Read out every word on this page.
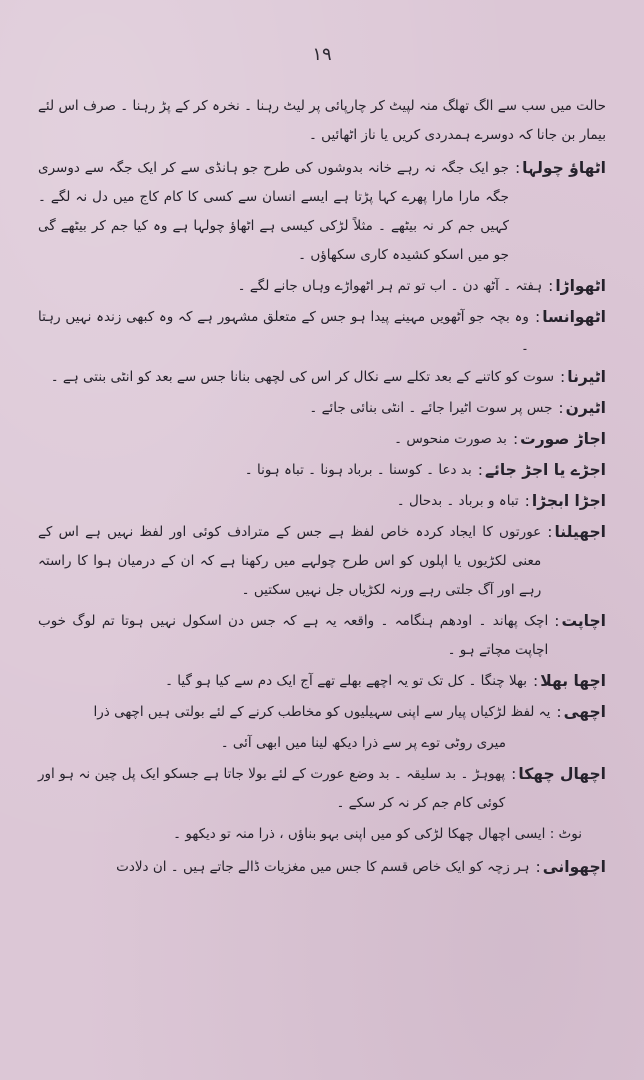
۱۹

حالت میں سب سے الگ تھلگ منہ لپیٹ کر چارپائی پر لیٹ رہنا ۔ نخرہ کر کے پڑ رہنا ۔ صرف اس لئے بیمار بن جانا کہ دوسرے ہمدردی کریں یا ناز اٹھائیں ۔

اٹھاؤ چولہا:
جو ایک جگہ نہ رہے خانہ بدوشوں کی طرح جو ہانڈی سے کر ایک جگہ سے دوسری جگہ مارا مارا پھرے کہا پڑتا ہے ایسے انسان سے کسی کا کام کاج میں دل نہ لگے ۔ کہیں جم کر نہ بیٹھے ۔ مثلاً لڑکی کیسی ہے اٹھاؤ چولہا ہے وہ کیا جم کر بیٹھے گی جو میں اسکو کشیدہ کاری سکھاؤں ۔
اٹھواڑا:
ہفتہ ۔ آٹھ دن ۔ اب تو تم ہر اٹھواڑے وہاں جانے لگے ۔
اٹھوانسا:
وہ بچہ جو آٹھویں مہینے پیدا ہو جس کے متعلق مشہور ہے کہ وہ کبھی زندہ نہیں رہتا ۔
اٹیرنا:
سوت کو کاتنے کے بعد تکلے سے نکال کر اس کی لچھی بنانا جس سے بعد کو انٹی بنتی ہے ۔
اٹیرن:
جس پر سوت اٹیرا جائے ۔ انٹی بنائی جائے ۔
اجاڑ صورت:
بد صورت منحوس ۔
اجڑے یا اجڑ جائے:
بد دعا ۔ کوسنا ۔ برباد ہونا ۔ تباہ ہونا ۔
اجڑا ابجڑا:
تباہ و برباد ۔ بدحال ۔
اجھیلنا:
عورتوں کا ایجاد کردہ خاص لفظ ہے جس کے مترادف کوئی اور لفظ نہیں ہے اس کے معنی لکڑیوں یا اپلوں کو اس طرح چولہے میں رکھنا ہے کہ ان کے درمیان ہوا کا راستہ رہے اور آگ جلتی رہے ورنہ لکڑیاں جل نہیں سکتیں ۔
اچاپت:
اچک پھاند ۔ اودھم ہنگامہ ۔ واقعہ یہ ہے کہ جس دن اسکول نہیں ہوتا تم لوگ خوب اچاپت مچاتے ہو ۔
اچھا بھلا:
بھلا چنگا ۔ کل تک تو یہ اچھے بھلے تھے آج ایک دم سے کیا ہو گیا ۔
اچھی:
یہ لفظ لڑکیاں پیار سے اپنی سہیلیوں کو مخاطب کرنے کے لئے بولتی ہیں اچھی ذرا

میری روٹی توے پر سے ذرا دیکھ لینا میں ابھی آئی ۔

اچھال چھکا:
پھوہڑ ۔ بد سلیقہ ۔ بد وضع عورت کے لئے بولا جاتا ہے جسکو ایک پل چین نہ ہو اور کوئی کام جم کر نہ کر سکے ۔

نوٹ : ایسی اچھال چھکا لڑکی کو میں اپنی بہو بناؤں ، ذرا منہ تو دیکھو ۔

اچھوانی:
ہر زچہ کو ایک خاص قسم کا جس میں مغزیات ڈالے جاتے ہیں ۔ ان دلادت
